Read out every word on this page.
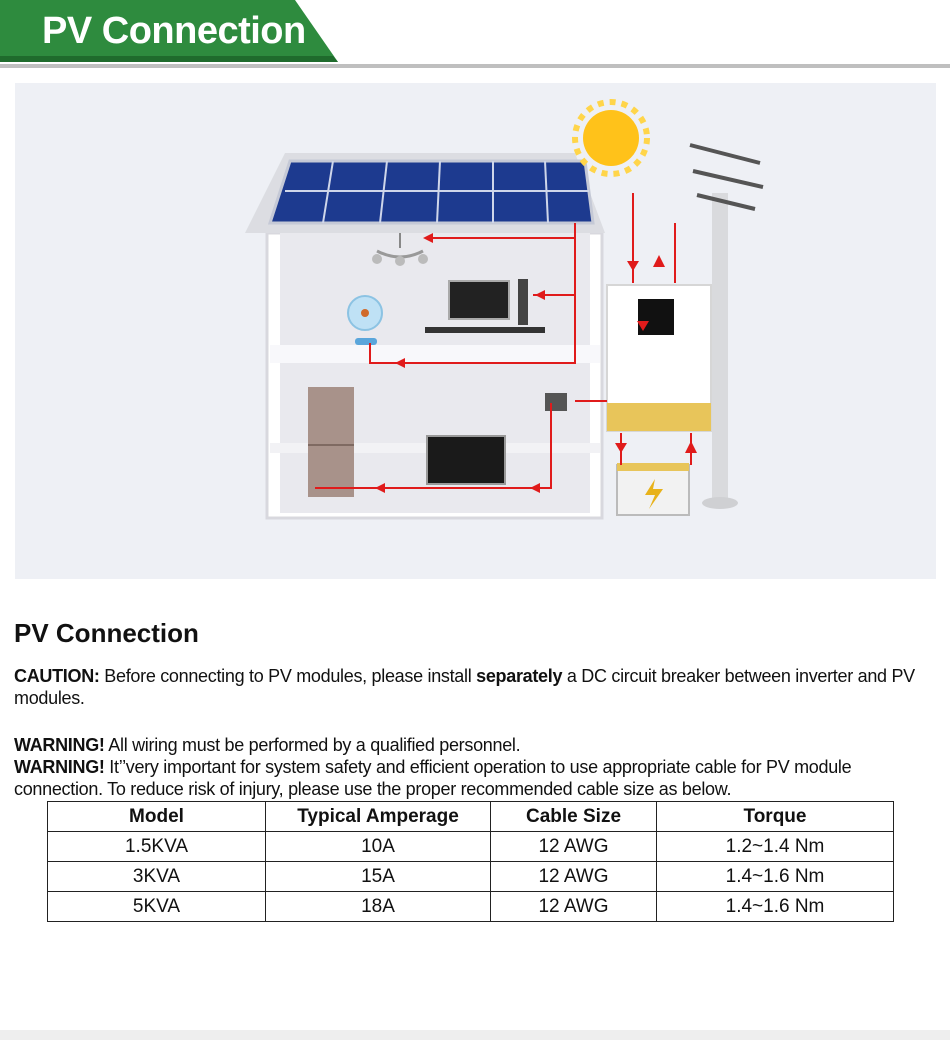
PV Connection
PV Connection
CAUTION: Before connecting to PV modules, please install separately a DC circuit breaker between inverter and PV modules.
WARNING! All wiring must be performed by a qualified personnel.
WARNING! It’’very important for system safety and efficient operation to use appropriate cable for PV module connection. To reduce risk of injury, please use the proper recommended cable size as below.
Model	Typical Amperage	Cable Size	Torque
1.5KVA	10A	12 AWG	1.2~1.4 Nm
3KVA	15A	12 AWG	1.4~1.6 Nm
5KVA	18A	12 AWG	1.4~1.6 Nm
